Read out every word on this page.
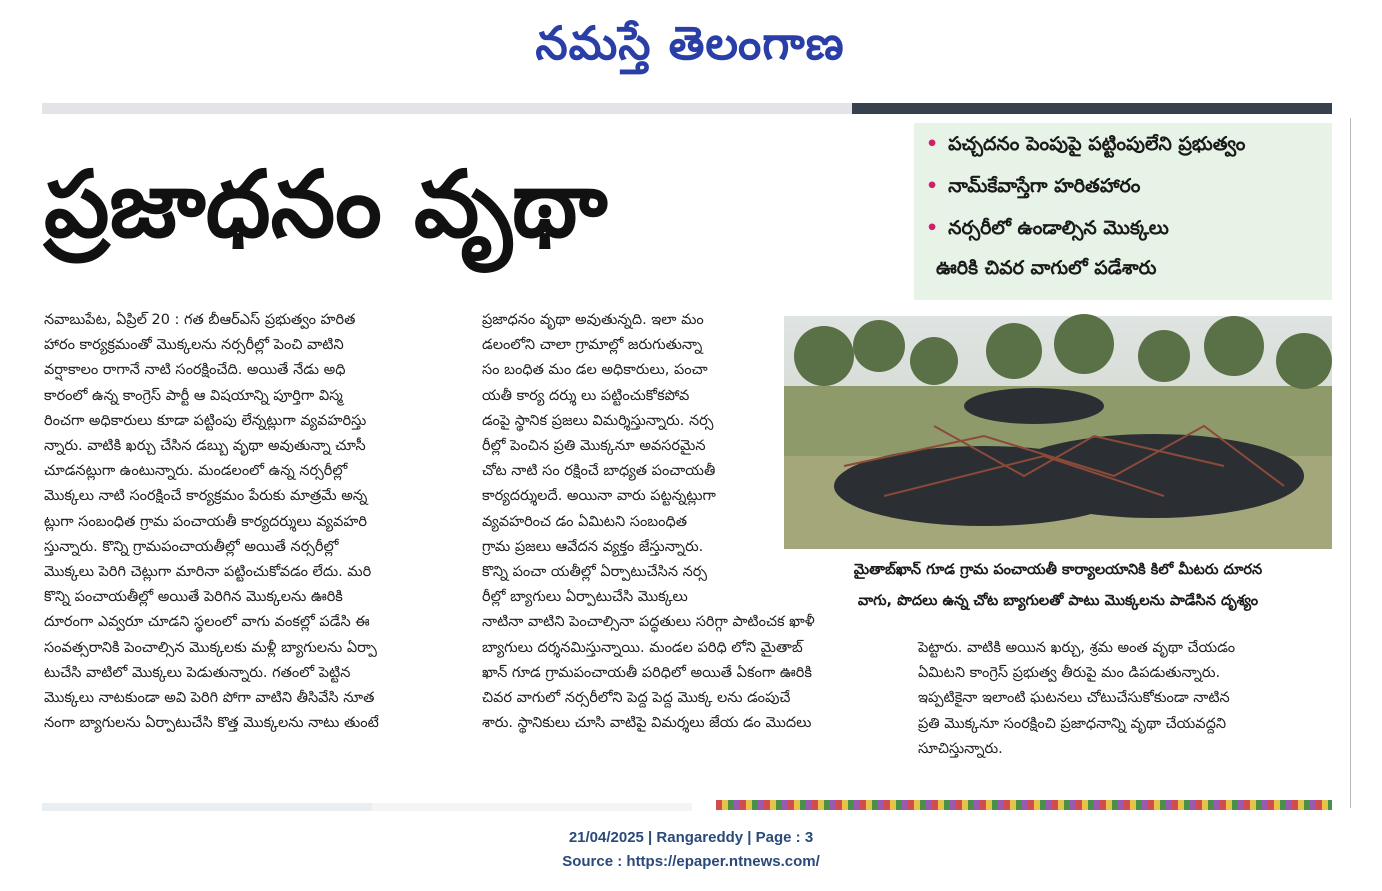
నమస్తే తెలంగాణ
ప్రజాధనం వృథా
• పచ్చదనం పెంపుపై పట్టింపులేని ప్రభుత్వం
• నామ్‌కేవాస్తేగా హరితహారం
• నర్సరీలో ఉండాల్సిన మొక్కలు
ఊరికి చివర వాగులో పడేశారు

నవాబుపేట, ఏప్రిల్ 20 : గత బీఆర్‌ఎస్ ప్రభుత్వం హరిత

హారం కార్యక్రమంతో మొక్కలను నర్సరీల్లో పెంచి వాటిని

వర్షాకాలం రాగానే నాటి సంరక్షించేది. అయితే నేడు అధి

కారంలో ఉన్న కాంగ్రెస్ పార్టీ ఆ విషయాన్ని పూర్తిగా విస్మ

రించగా అధికారులు కూడా పట్టింపు లేన్నట్లుగా వ్యవహరిస్తు

న్నారు. వాటికి ఖర్చు చేసిన డబ్బు వృథా అవుతున్నా చూసీ

చూడనట్లుగా ఉంటున్నారు. మండలంలో ఉన్న నర్సరీల్లో

మొక్కలు నాటి సంరక్షించే కార్యక్రమం పేరుకు మాత్రమే అన్న

ట్లుగా సంబంధిత గ్రామ పంచాయతీ కార్యదర్శులు వ్యవహరి

స్తున్నారు. కొన్ని గ్రామపంచాయతీల్లో అయితే నర్సరీల్లో

మొక్కలు పెరిగి చెట్లుగా మారినా పట్టించుకోవడం లేదు. మరి

కొన్ని పంచాయతీల్లో అయితే పెరిగిన మొక్కలను ఊరికి

దూరంగా ఎవ్వరూ చూడని స్థలంలో వాగు వంకల్లో పడేసి ఈ

సంవత్సరానికి పెంచాల్సిన మొక్కలకు మళ్లీ బ్యాగులను ఏర్పా

టుచేసి వాటిలో మొక్కలు పెడుతున్నారు. గతంలో పెట్టిన

మొక్కలు నాటకుండా అవి పెరిగి పోగా వాటిని తీసివేసి నూత

నంగా బ్యాగులను ఏర్పాటుచేసి కొత్త మొక్కలను నాటు తుంటే

ప్రజాధనం వృథా అవుతున్నది. ఇలా మం

డలంలోని చాలా గ్రామాల్లో జరుగుతున్నా

సం బంధిత మం డల అధికారులు, పంచా

యతీ కార్య దర్శు లు పట్టించుకోకపోవ

డంపై స్థానిక ప్రజలు విమర్శిస్తున్నారు. నర్స

రీల్లో పెంచిన ప్రతి మొక్కనూ అవసరమైన

చోట నాటి సం రక్షించే బాధ్యత పంచాయతీ

కార్యదర్శులదే. అయినా వారు పట్టన్నట్లుగా

వ్యవహరించ డం ఏమిటని సంబంధిత

గ్రామ ప్రజలు ఆవేదన వ్యక్తం జేస్తున్నారు.

కొన్ని పంచా యతీల్లో ఏర్పాటుచేసిన నర్స

రీల్లో బ్యాగులు ఏర్పాటుచేసి మొక్కలు

నాటినా వాటిని పెంచాల్సినా పద్ధతులు సరిగ్గా పాటించక ఖాళీ

బ్యాగులు దర్శనమిస్తున్నాయి. మండల పరిధి లోని మైతాబ్

ఖాన్ గూడ గ్రామపంచాయతీ పరిధిలో అయితే ఏకంగా ఊరికి

చివర వాగులో నర్సరీలోని పెద్ద పెద్ద మొక్క లను డంపుచే

శారు. స్థానికులు చూసి వాటిపై విమర్శలు జేయ డం మొదలు

పెట్టారు. వాటికి అయిన ఖర్చు, శ్రమ అంత వృథా చేయడం

ఏమిటని కాంగ్రెస్ ప్రభుత్వ తీరుపై మం డిపడుతున్నారు.

ఇప్పటికైనా ఇలాంటి ఘటనలు చోటుచేసుకోకుండా నాటిన

ప్రతి మొక్కనూ సంరక్షించి ప్రజాధనాన్ని వృథా చేయవద్దని

సూచిస్తున్నారు.

మైతాబ్‌ఖాన్ గూడ గ్రామ పంచాయతీ కార్యాలయానికి కిలో మీటరు దూరన

వాగు, పొదలు ఉన్న చోట బ్యాగులతో పాటు మొక్కలను పాడేసిన దృశ్యం

21/04/2025 | Rangareddy | Page : 3

Source : https://epaper.ntnews.com/
